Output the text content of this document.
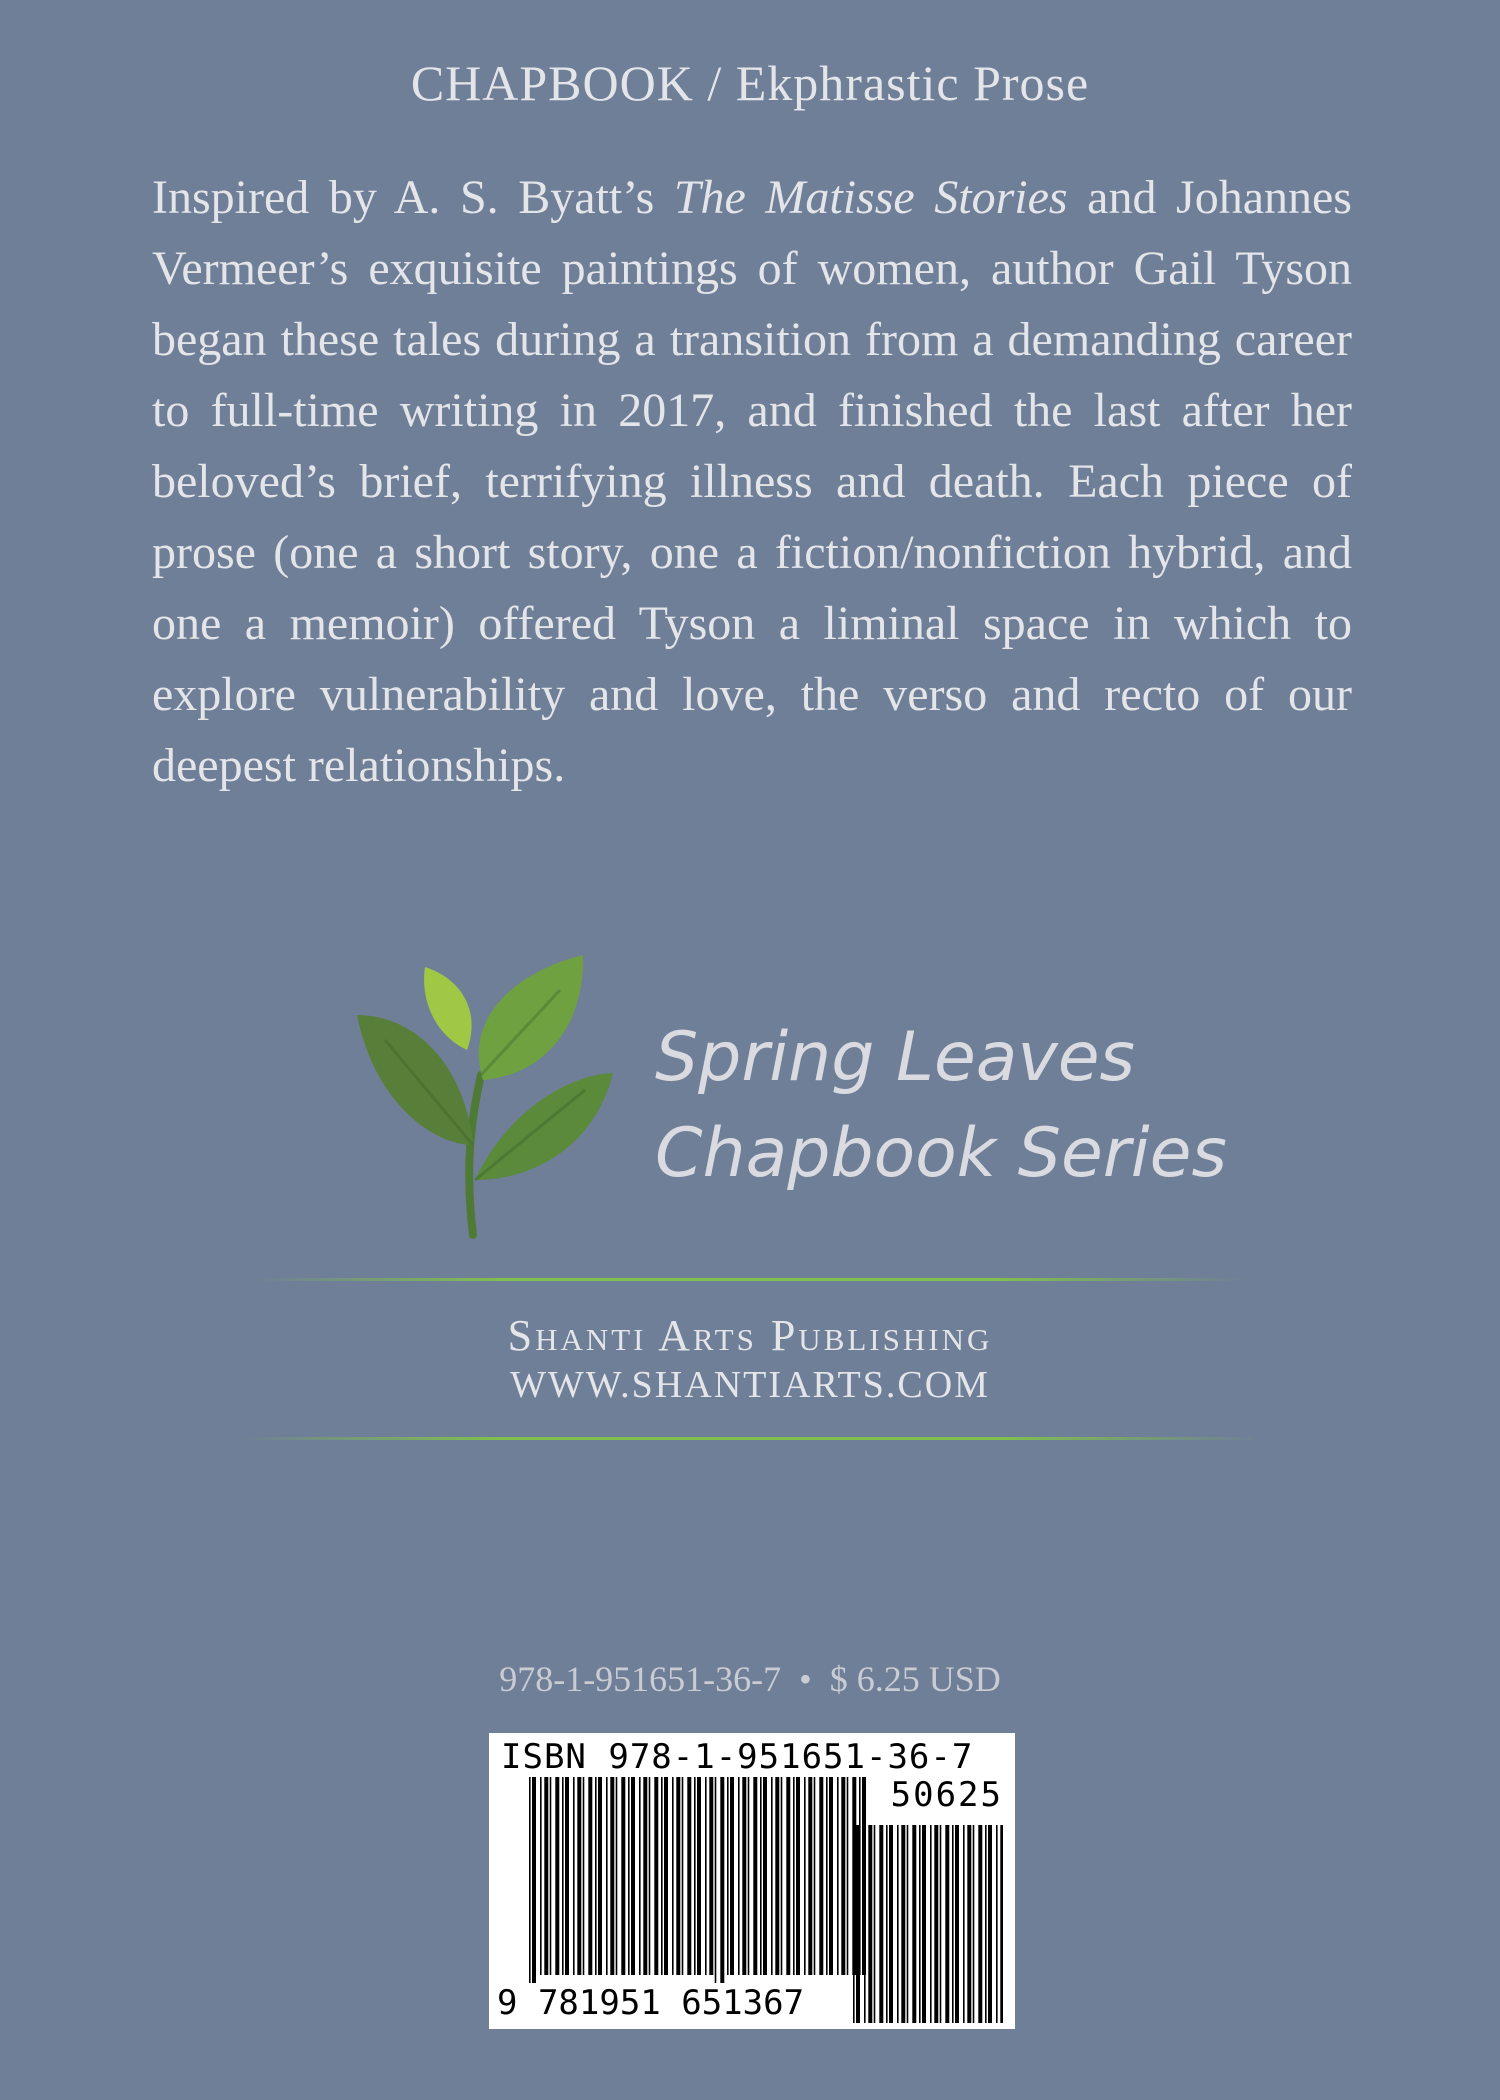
CHAPBOOK / Ekphrastic Prose
Inspired by A. S. Byatt’s The Matisse Stories and Johannes Vermeer’s exquisite paintings of women, author Gail Tyson began these tales during a transition from a demanding career to full-time writing in 2017, and finished the last after her beloved’s brief, terrifying illness and death. Each piece of prose (one a short story, one a fiction/nonfiction hybrid, and one a memoir) offered Tyson a liminal space in which to explore vulnerability and love, the verso and recto of our deepest relationships.
Spring Leaves
Chapbook Series
Shanti Arts Publishing
WWW.SHANTIARTS.COM
978-1-951651-36-7 • $ 6.25 USD
ISBN 978-1-951651-36-7
50625
9 781951 651367
